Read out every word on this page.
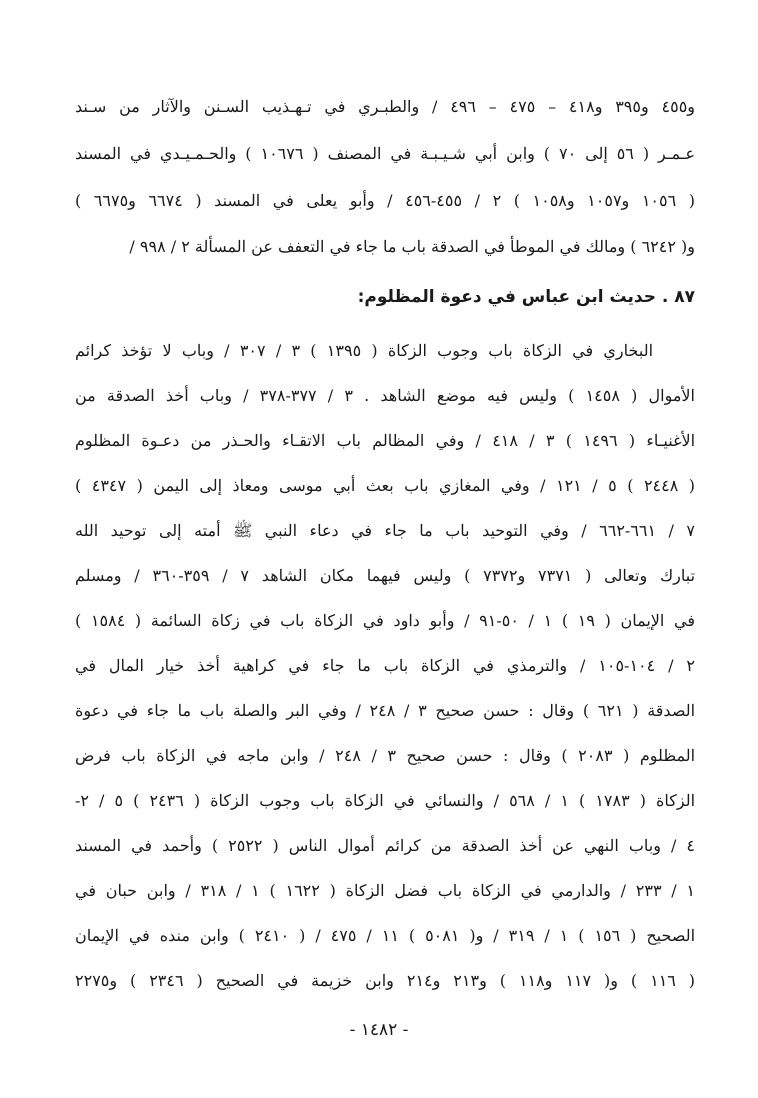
و٤٥٥ و٣٩٥ و٤١٨ – ٤٧٥ – ٤٩٦ / والطبـري في تـهـذيب السـنن والآثار من سـند
عـمـر ( ٥٦ إلى ٧٠ ) وابن أبي شـيـبـة في المصنف ( ١٠٦٧٦ ) والحـمـيـدي في المسند
( ١٠٥٦ و١٠٥٧ و١٠٥٨ ) ٢ / ٤٥٥-٤٥٦ / وأبو يعلى في المسند ( ٦٦٧٤ و٦٦٧٥ )
و( ٦٢٤٢ ) ومالك في الموطأ في الصدقة باب ما جاء في التعفف عن المسألة ٢ / ٩٩٨ /
٨٧ . حديث ابن عباس في دعوة المظلوم:
البخاري في الزكاة باب وجوب الزكاة ( ١٣٩٥ ) ٣ / ٣٠٧ / وباب لا تؤخذ كرائم
الأموال ( ١٤٥٨ ) وليس فيه موضع الشاهد . ٣ / ٣٧٧-٣٧٨ / وباب أخذ الصدقة من
الأغنيـاء ( ١٤٩٦ ) ٣ / ٤١٨ / وفي المظالم باب الاتقـاء والحـذر من دعـوة المظلوم
( ٢٤٤٨ ) ٥ / ١٢١ / وفي المغازي باب بعث أبي موسى ومعاذ إلى اليمن ( ٤٣٤٧ )
٧ / ٦٦١-٦٦٢ / وفي التوحيد باب ما جاء في دعاء النبي ﷺ أمته إلى توحيد الله
تبارك وتعالى ( ٧٣٧١ و٧٣٧٢ ) وليس فيهما مكان الشاهد ٧ / ٣٥٩-٣٦٠ / ومسلم
في الإيمان ( ١٩ ) ١ / ٥٠-٩١ / وأبو داود في الزكاة باب في زكاة السائمة ( ١٥٨٤ )
٢ / ١٠٤-١٠٥ / والترمذي في الزكاة باب ما جاء في كراهية أخذ خيار المال في
الصدقة ( ٦٢١ ) وقال : حسن صحيح ٣ / ٢٤٨ / وفي البر والصلة باب ما جاء في دعوة
المظلوم ( ٢٠٨٣ ) وقال : حسن صحيح ٣ / ٢٤٨ / وابن ماجه في الزكاة باب فرض
الزكاة ( ١٧٨٣ ) ١ / ٥٦٨ / والنسائي في الزكاة باب وجوب الزكاة ( ٢٤٣٦ ) ٥ / ٢-
٤ / وباب النهي عن أخذ الصدقة من كرائم أموال الناس ( ٢٥٢٢ ) وأحمد في المسند
١ / ٢٣٣ / والدارمي في الزكاة باب فضل الزكاة ( ١٦٢٢ ) ١ / ٣١٨ / وابن حبان في
الصحيح ( ١٥٦ ) ١ / ٣١٩ / و( ٥٠٨١ ) ١١ / ٤٧٥ / ( ٢٤١٠ ) وابن منده في الإيمان
( ١١٦ ) و( ١١٧ و١١٨ ) و٢١٣ و٢١٤ وابن خزيمة في الصحيح ( ٢٣٤٦ ) و٢٢٧٥
- ١٤٨٢ -
